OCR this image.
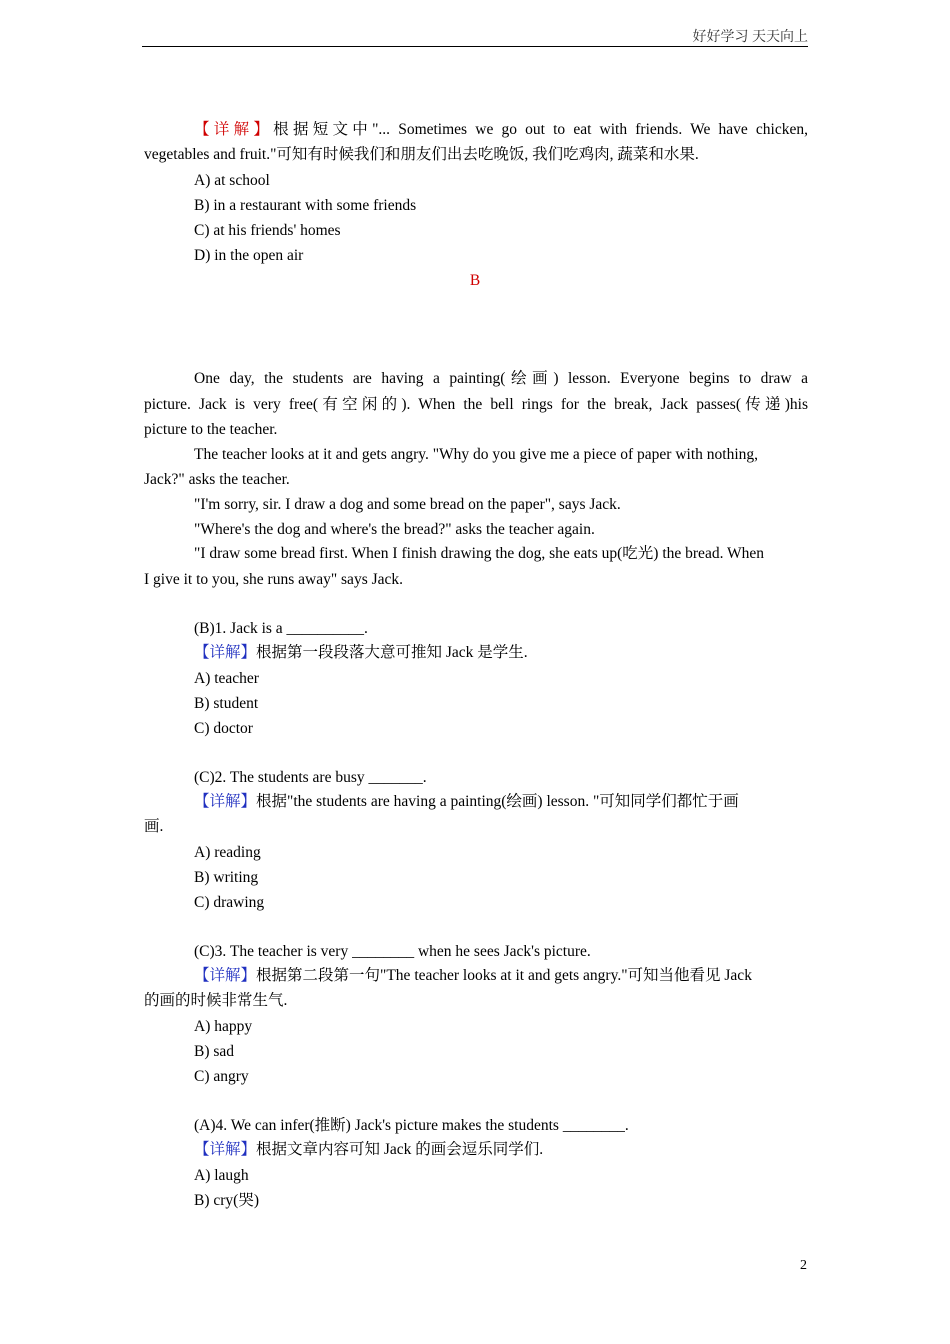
好好学习 天天向上
【详解】根据短文中"... Sometimes we go out to eat with friends. We have chicken,
vegetables and fruit."可知有时候我们和朋友们出去吃晚饭, 我们吃鸡肉, 蔬菜和水果.
A) at school
B) in a restaurant with some friends
C) at his friends' homes
D) in the open air
B
One day, the students are having a painting(绘画) lesson. Everyone begins to draw a
picture. Jack is very free(有空闲的). When the bell rings for the break, Jack passes(传递)his
picture to the teacher.
The teacher looks at it and gets angry. "Why do you give me a piece of paper with nothing,
Jack?" asks the teacher.
"I'm sorry, sir. I draw a dog and some bread on the paper", says Jack.
"Where's the dog and where's the bread?" asks the teacher again.
"I draw some bread first. When I finish drawing the dog, she eats up(吃光) the bread. When
I give it to you, she runs away" says Jack.
(B)1. Jack is a __________.
【详解】根据第一段段落大意可推知 Jack 是学生.
A) teacher
B) student
C) doctor
(C)2. The students are busy _______.
【详解】根据"the students are having a painting(绘画) lesson. "可知同学们都忙于画
画.
A) reading
B) writing
C) drawing
(C)3. The teacher is very ________ when he sees Jack's picture.
【详解】根据第二段第一句"The teacher looks at it and gets angry."可知当他看见 Jack
的画的时候非常生气.
A) happy
B) sad
C) angry
(A)4. We can infer(推断) Jack's picture makes the students ________.
【详解】根据文章内容可知 Jack 的画会逗乐同学们.
A) laugh
B) cry(哭)
2
